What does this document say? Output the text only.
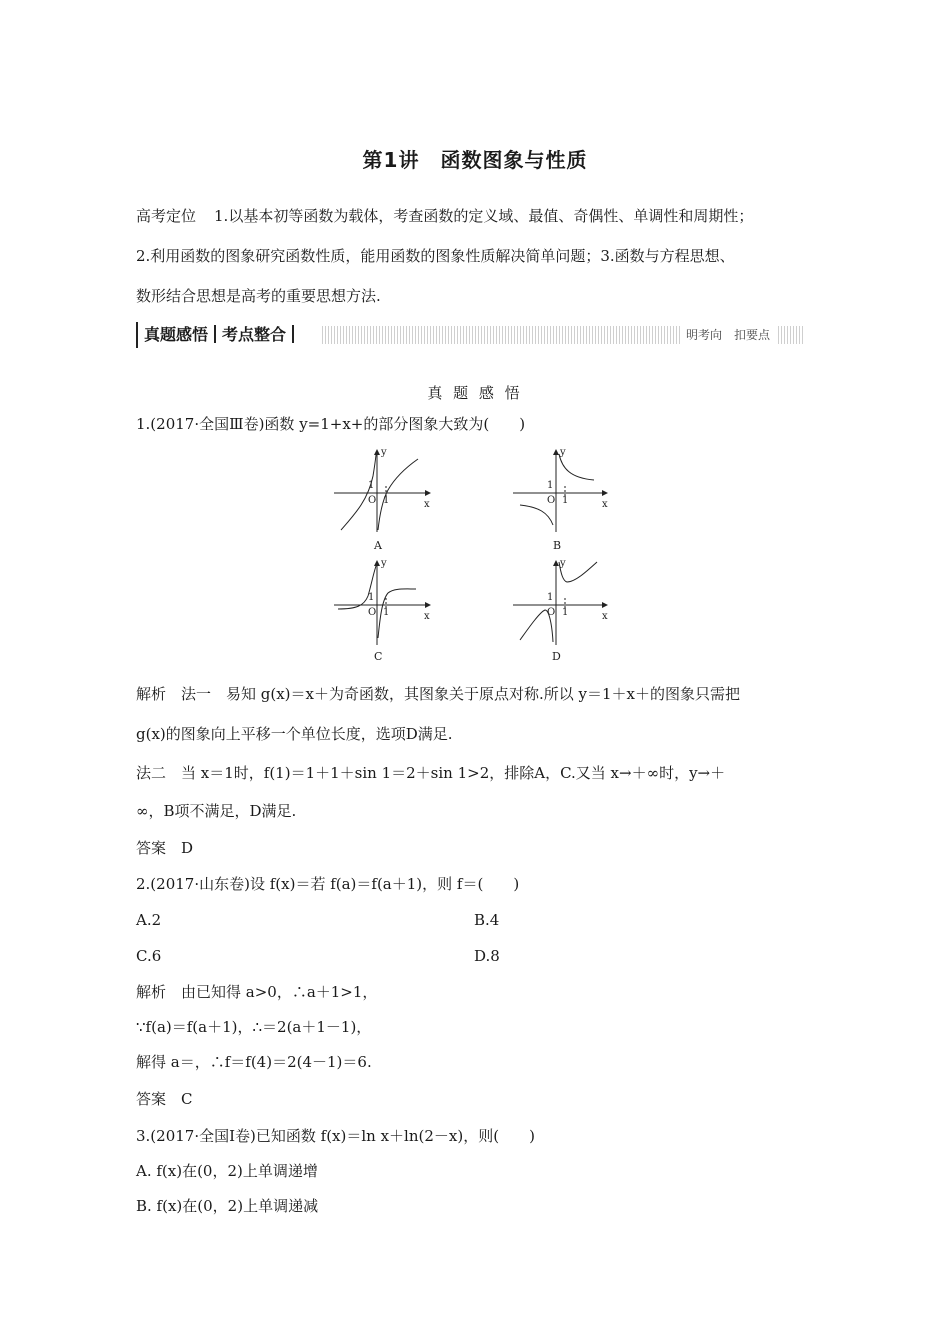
第1讲　函数图象与性质
高考定位 1.以基本初等函数为载体，考查函数的定义域、最值、奇偶性、单调性和周期性；
2.利用函数的图象研究函数性质，能用函数的图象性质解决简单问题；3.函数与方程思想、
数形结合思想是高考的重要思想方法.
真题感悟 考点整合	明考向　扣要点
真 题 感 悟
1.(2017·全国Ⅲ卷)函数 y=1+x+的部分图象大致为(　　)
y
x
O 1
1
A
y
x
O 1
1
B
y
x
O 1
1
C
y
x
O 1
1
D
解析　法一　易知 g(x)＝x＋为奇函数，其图象关于原点对称.所以 y＝1＋x＋的图象只需把
g(x)的图象向上平移一个单位长度，选项D满足.
法二　当 x＝1时，f(1)＝1＋1＋sin 1＝2＋sin 1>2，排除A，C.又当 x→＋∞时，y→＋
∞，B项不满足，D满足.
答案　D
2.(2017·山东卷)设 f(x)＝若 f(a)＝f(a＋1)，则 f＝(　　)
A.2	B.4
C.6	D.8
解析　由已知得 a>0，∴a＋1>1，
∵f(a)＝f(a＋1)，∴＝2(a＋1－1)，
解得 a＝，∴f＝f(4)＝2(4－1)＝6.
答案　C
3.(2017·全国Ⅰ卷)已知函数 f(x)＝ln x＋ln(2－x)，则(　　)
A. f(x)在(0，2)上单调递增
B. f(x)在(0，2)上单调递减
